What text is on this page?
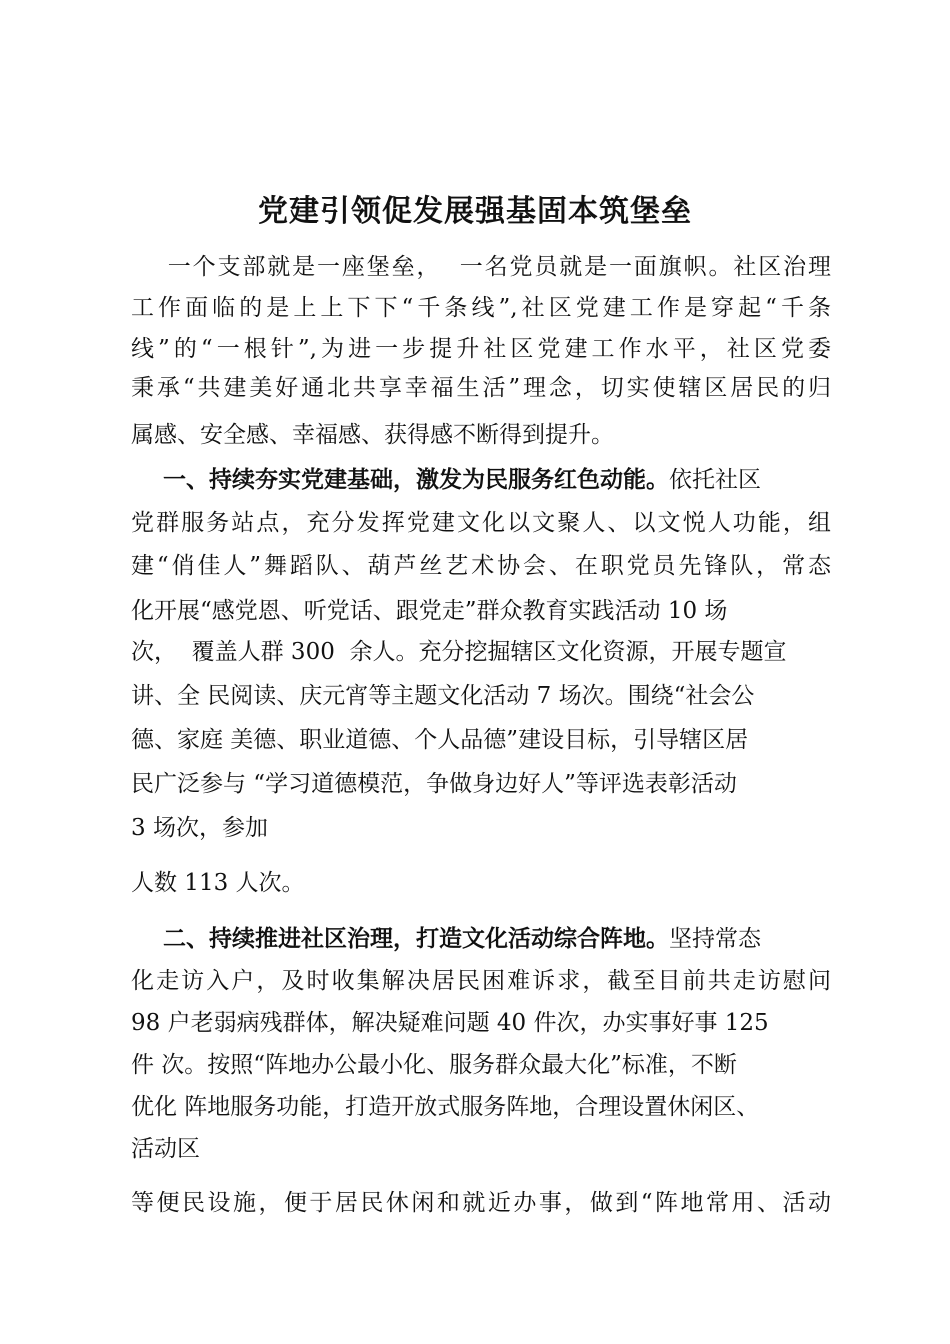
党建引领促发展强基固本筑堡垒

一个支部就是一座堡垒，  一名党员就是一面旗帜。社区治理

工作面临的是上上下下“千条线”,社区党建工作是穿起“千条

线”的“一根针”,为进一步提升社区党建工作水平，社区党委

秉承“共建美好通北共享幸福生活”理念，切实使辖区居民的归

属感、安全感、幸福感、获得感不断得到提升。

一、持续夯实党建基础，激发为民服务红色动能。依托社区

党群服务站点，充分发挥党建文化以文聚人、以文悦人功能，组

建“俏佳人”舞蹈队、葫芦丝艺术协会、在职党员先锋队，常态

化开展“感党恩、听党话、跟党走”群众教育实践活动 10 场

次，  覆盖人群 300  余人。充分挖掘辖区文化资源，开展专题宣

讲、全 民阅读、庆元宵等主题文化活动 7 场次。围绕“社会公

德、家庭 美德、职业道德、个人品德”建设目标，引导辖区居

民广泛参与 “学习道德模范，争做身边好人”等评选表彰活动

3 场次，参加

人数 113 人次。

二、持续推进社区治理，打造文化活动综合阵地。坚持常态

化走访入户，及时收集解决居民困难诉求，截至目前共走访慰问

98 户老弱病残群体，解决疑难问题 40 件次，办实事好事 125

件 次。按照“阵地办公最小化、服务群众最大化”标准，不断

优化 阵地服务功能，打造开放式服务阵地，合理设置休闲区、

活动区

等便民设施，便于居民休闲和就近办事，做到“阵地常用、活动
